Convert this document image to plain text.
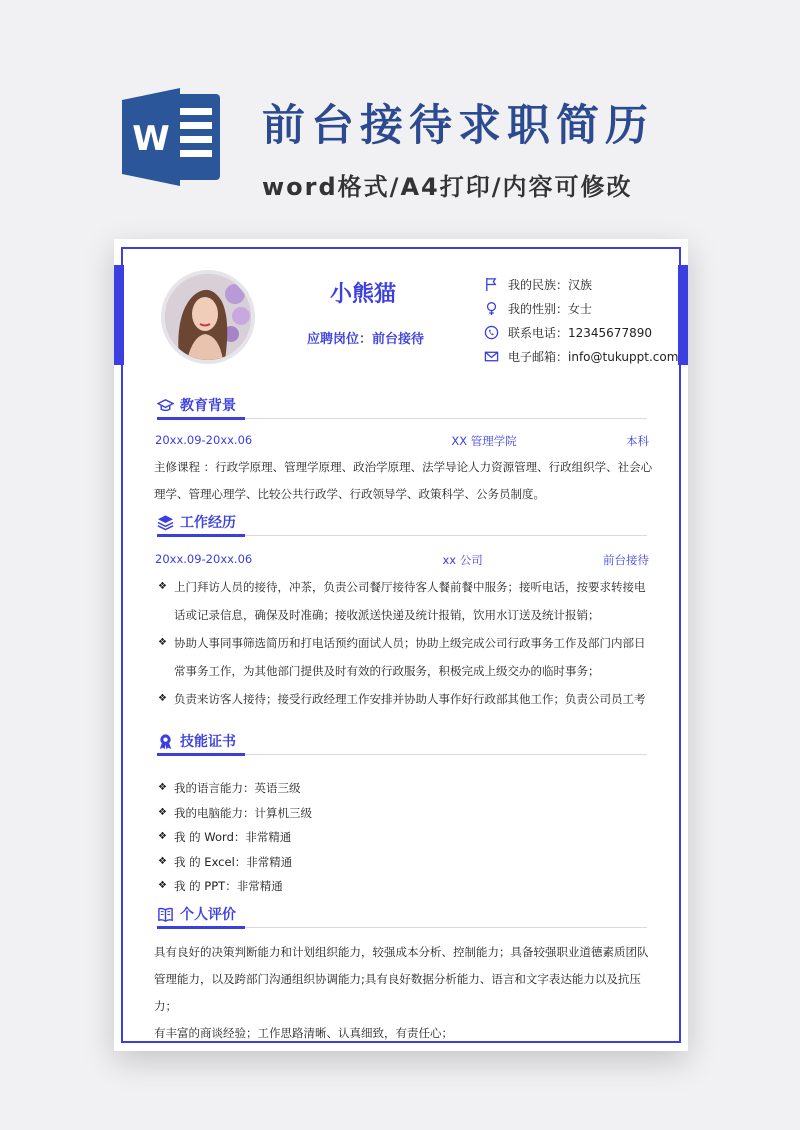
W 前台接待求职简历
word格式/A4打印/内容可修改
小熊猫
应聘岗位：前台接待
我的民族：汉族
我的性别：女士
联系电话：12345677890
电子邮箱：info@tukuppt.com
教育背景
20xx.09-20xx.06	XX 管理学院	本科
主修课程 ：行政学原理、管理学原理、政治学原理、法学导论人力资源管理、行政组织学、社会心理学、管理心理学、比较公共行政学、行政领导学、政策科学、公务员制度。
工作经历
20xx.09-20xx.06	xx 公司	前台接待
❖ 上门拜访人员的接待，冲茶，负责公司餐厅接待客人餐前餐中服务；接听电话，按要求转接电话或记录信息，确保及时准确；接收派送快递及统计报销，饮用水订送及统计报销；
❖ 协助人事同事筛选简历和打电话预约面试人员；协助上级完成公司行政事务工作及部门内部日常事务工作，为其他部门提供及时有效的行政服务，积极完成上级交办的临时事务；
❖ 负责来访客人接待；接受行政经理工作安排并协助人事作好行政部其他工作；负责公司员工考
技能证书
❖ 我的语言能力：英语三级
❖ 我的电脑能力：计算机三级
❖ 我 的 Word：非常精通
❖ 我 的 Excel：非常精通
❖ 我 的 PPT：非常精通
个人评价
具有良好的决策判断能力和计划组织能力，较强成本分析、控制能力；具备较强职业道德素质团队
管理能力，以及跨部门沟通组织协调能力;具有良好数据分析能力、语言和文字表达能力以及抗压力；
有丰富的商谈经验；工作思路清晰、认真细致，有责任心；
